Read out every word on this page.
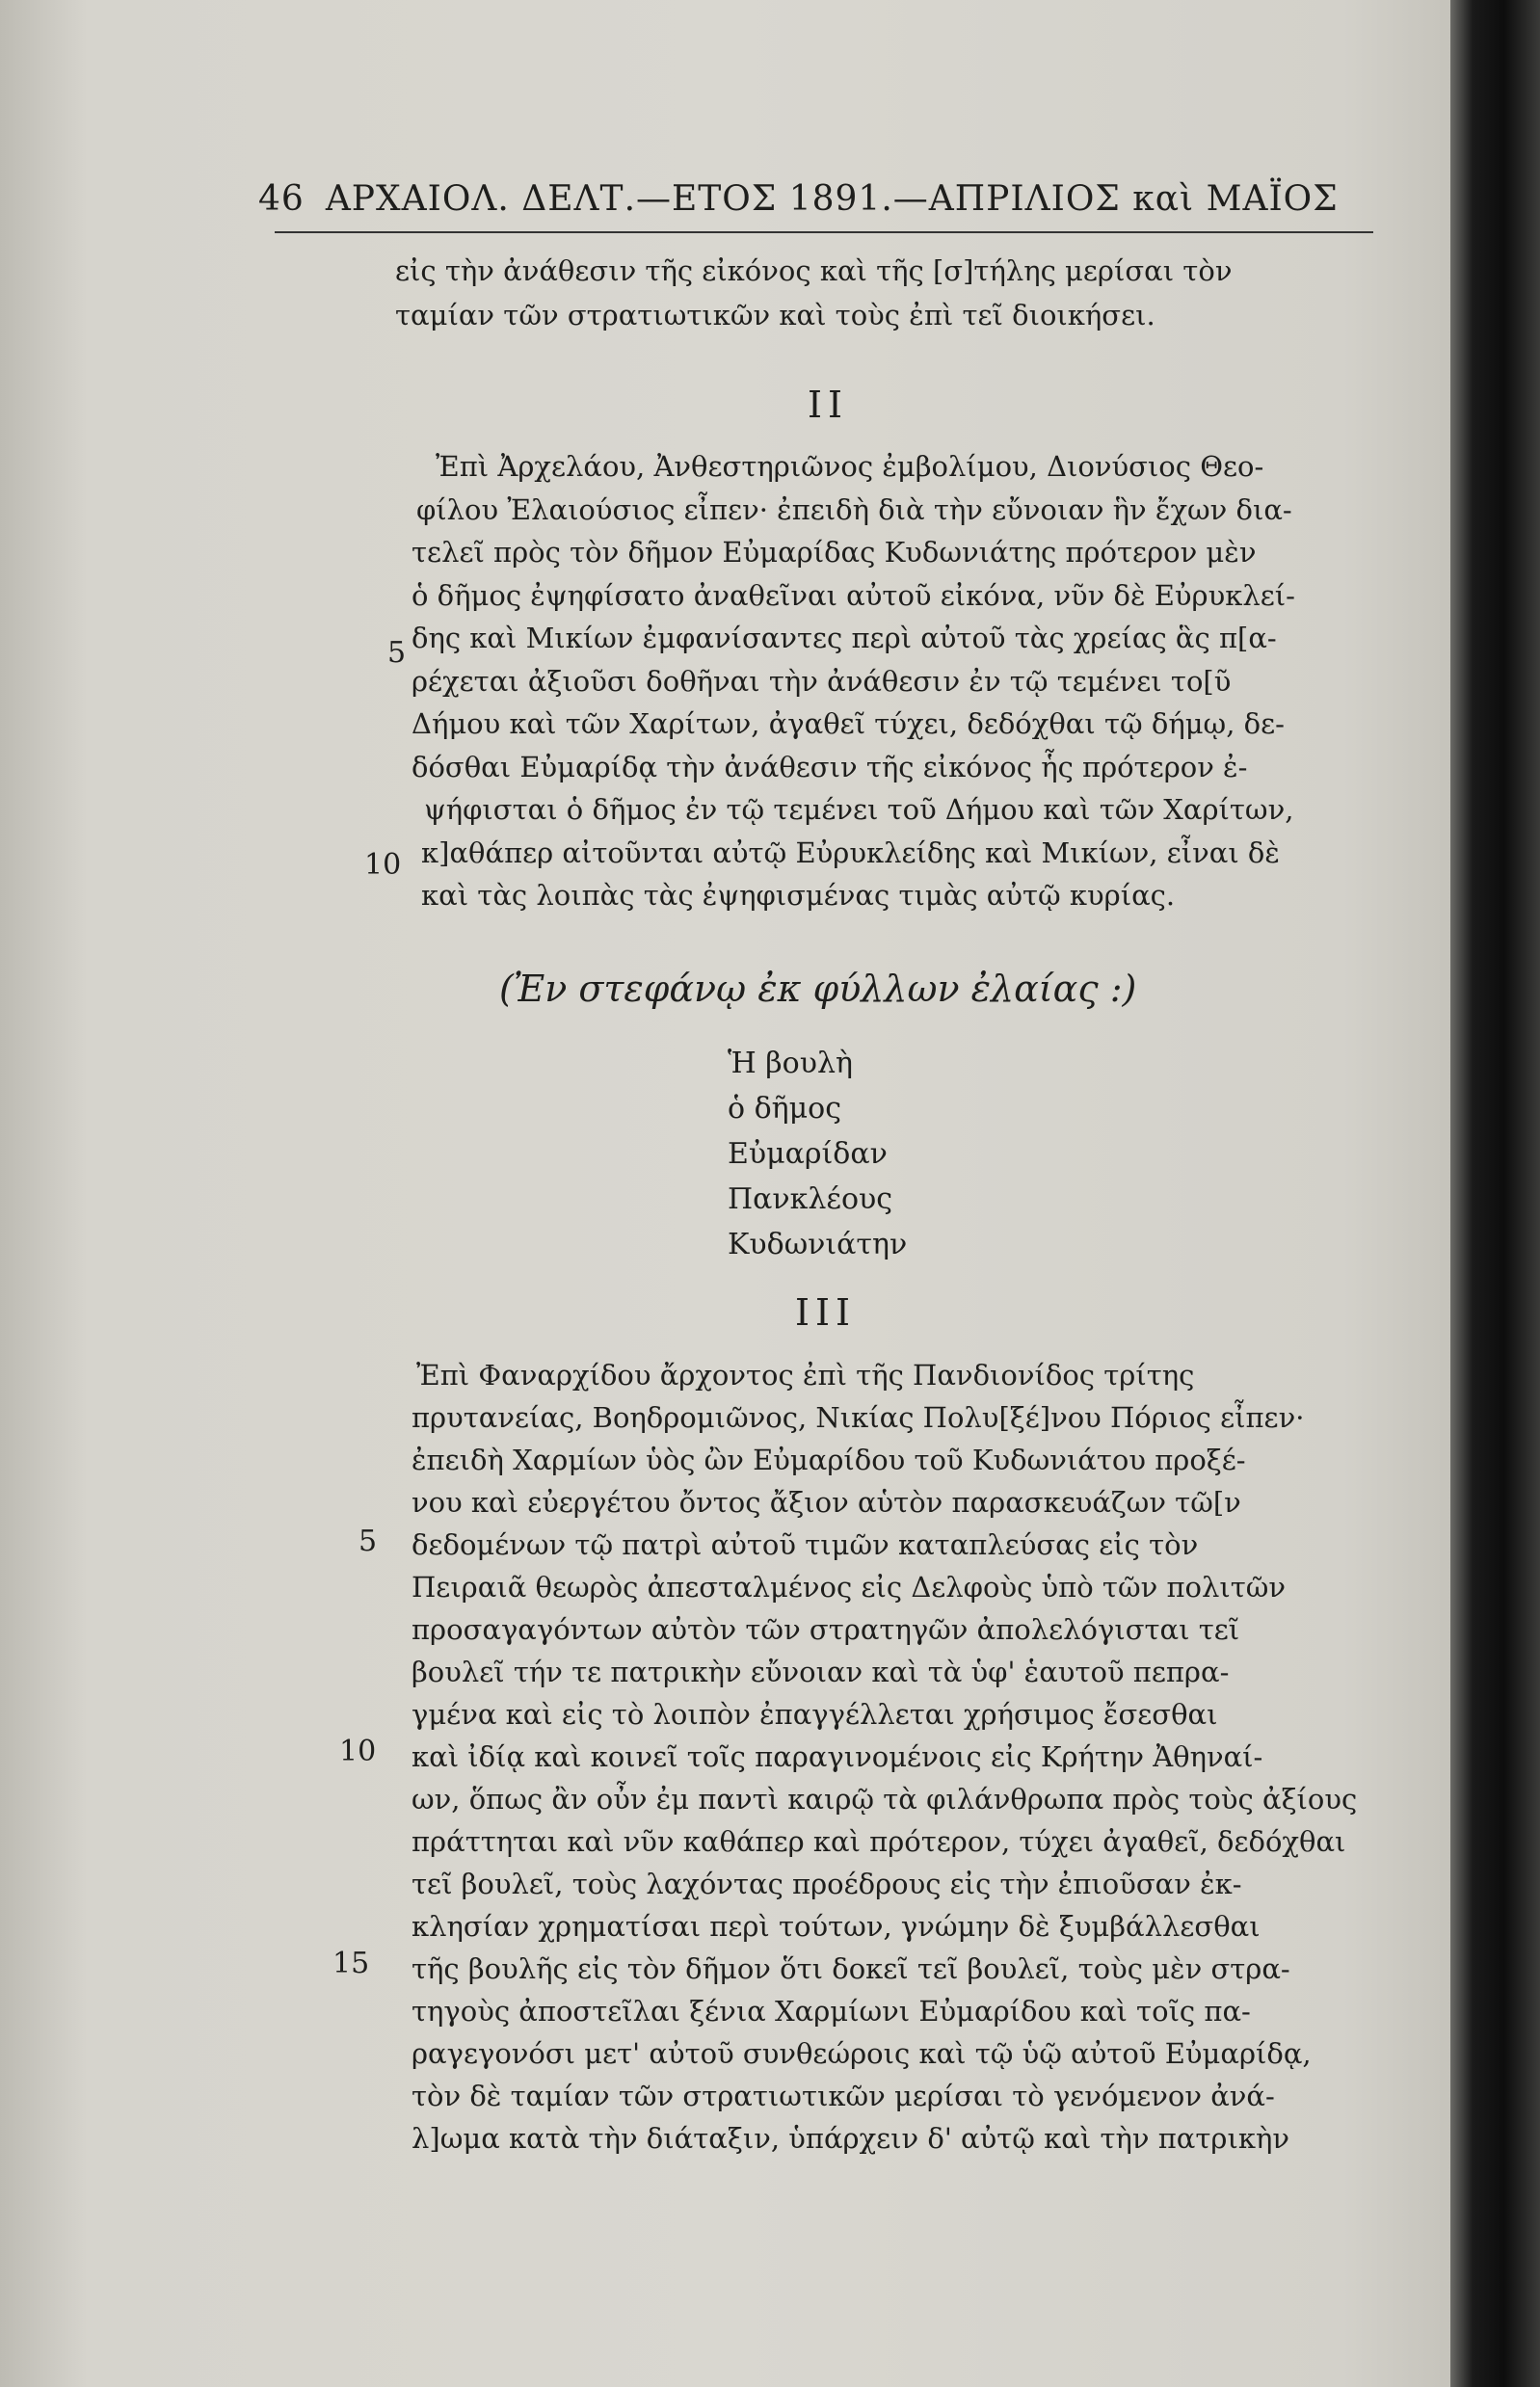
46 ΑΡΧΑΙΟΛ. ΔΕΛΤ.—ΕΤΟΣ 1891.—ΑΠΡΙΛΙΟΣ καὶ ΜΑΪΟΣ
εἰς τὴν ἀνάθεσιν τῆς εἰκόνος καὶ τῆς [σ]τήλης μερίσαι τὸν
ταμίαν τῶν στρατιωτικῶν καὶ τοὺς ἐπὶ τεῖ διοικήσει.
II
Ἐπὶ Ἀρχελάου, Ἀνθεστηριῶνος ἐμβολίμου, Διονύσιος Θεο-
φίλου Ἐλαιούσιος εἶπεν· ἐπειδὴ διὰ τὴν εὔνοιαν ἣν ἔχων δια-
τελεῖ πρὸς τὸν δῆμον Εὐμαρίδας Κυδωνιάτης πρότερον μὲν
ὁ δῆμος ἐψηφίσατο ἀναθεῖναι αὐτοῦ εἰκόνα, νῦν δὲ Εὐρυκλεί-
δης καὶ Μικίων ἐμφανίσαντες περὶ αὐτοῦ τὰς χρείας ἃς π[α-
ρέχεται ἀξιοῦσι δοθῆναι τὴν ἀνάθεσιν ἐν τῷ τεμένει το[ῦ
Δήμου καὶ τῶν Χαρίτων, ἀγαθεῖ τύχει, δεδόχθαι τῷ δήμῳ, δε-
δόσθαι Εὐμαρίδᾳ τὴν ἀνάθεσιν τῆς εἰκόνος ἧς πρότερον ἐ-
ψήφισται ὁ δῆμος ἐν τῷ τεμένει τοῦ Δήμου καὶ τῶν Χαρίτων,
κ]αθάπερ αἰτοῦνται αὐτῷ Εὐρυκλείδης καὶ Μικίων, εἶναι δὲ
καὶ τὰς λοιπὰς τὰς ἐψηφισμένας τιμὰς αὐτῷ κυρίας.
5
10
(Ἐν στεφάνῳ ἐκ φύλλων ἐλαίας :)
Ἡ βουλὴ
ὁ δῆμος
Εὐμαρίδαν
Πανκλέους
Κυδωνιάτην
III
Ἐπὶ Φαναρχίδου ἄρχοντος ἐπὶ τῆς Πανδιονίδος τρίτης
πρυτανείας, Βοηδρομιῶνος, Νικίας Πολυ[ξέ]νου Πόριος εἶπεν·
ἐπειδὴ Χαρμίων ὑὸς ὢν Εὐμαρίδου τοῦ Κυδωνιάτου προξέ-
νου καὶ εὐεργέτου ὄντος ἄξιον αὑτὸν παρασκευάζων τῶ[ν
δεδομένων τῷ πατρὶ αὐτοῦ τιμῶν καταπλεύσας εἰς τὸν
Πειραιᾶ θεωρὸς ἀπεσταλμένος εἰς Δελφοὺς ὑπὸ τῶν πολιτῶν
προσαγαγόντων αὐτὸν τῶν στρατηγῶν ἀπολελόγισται τεῖ
βουλεῖ τήν τε πατρικὴν εὔνοιαν καὶ τὰ ὑφ' ἑαυτοῦ πεπρα-
γμένα καὶ εἰς τὸ λοιπὸν ἐπαγγέλλεται χρήσιμος ἔσεσθαι
καὶ ἰδίᾳ καὶ κοινεῖ τοῖς παραγινομένοις εἰς Κρήτην Ἀθηναί-
ων, ὅπως ἂν οὖν ἐμ παντὶ καιρῷ τὰ φιλάνθρωπα πρὸς τοὺς ἀξίους
πράττηται καὶ νῦν καθάπερ καὶ πρότερον, τύχει ἀγαθεῖ, δεδόχθαι
τεῖ βουλεῖ, τοὺς λαχόντας προέδρους εἰς τὴν ἐπιοῦσαν ἐκ-
κλησίαν χρηματίσαι περὶ τούτων, γνώμην δὲ ξυμβάλλεσθαι
τῆς βουλῆς εἰς τὸν δῆμον ὅτι δοκεῖ τεῖ βουλεῖ, τοὺς μὲν στρα-
τηγοὺς ἀποστεῖλαι ξένια Χαρμίωνι Εὐμαρίδου καὶ τοῖς πα-
ραγεγονόσι μετ' αὐτοῦ συνθεώροις καὶ τῷ ὑῷ αὐτοῦ Εὐμαρίδᾳ,
τὸν δὲ ταμίαν τῶν στρατιωτικῶν μερίσαι τὸ γενόμενον ἀνά-
λ]ωμα κατὰ τὴν διάταξιν, ὑπάρχειν δ' αὐτῷ καὶ τὴν πατρικὴν
5
10
15
